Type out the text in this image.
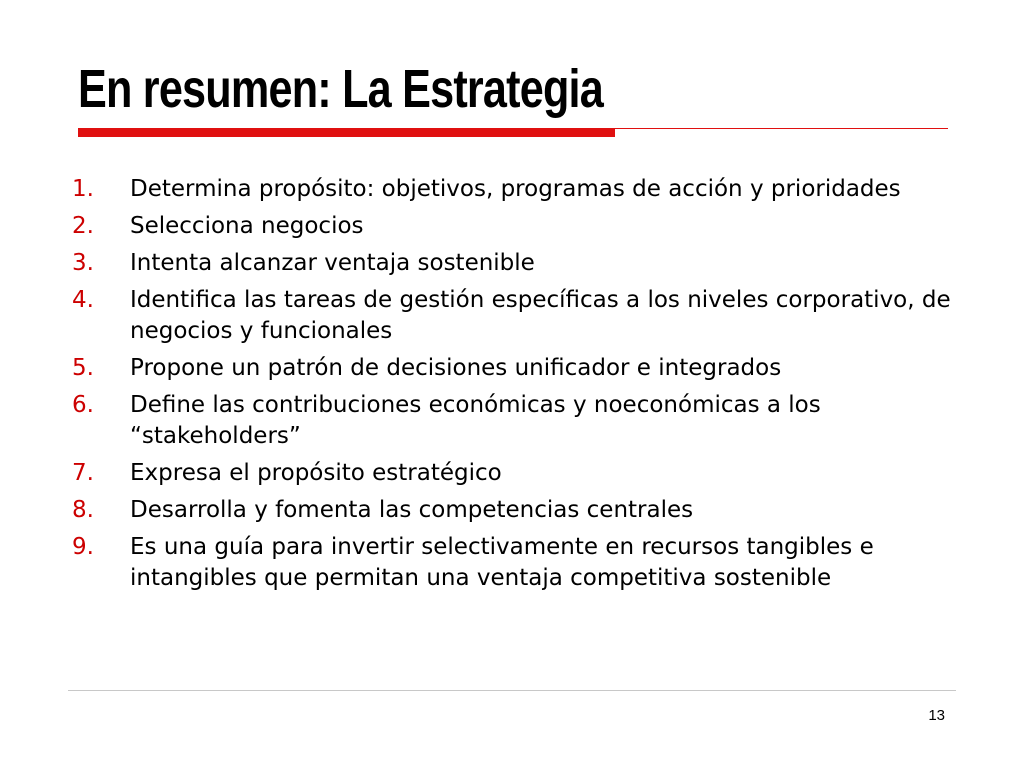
En resumen: La Estrategia
1.	Determina propósito: objetivos, programas de acción y prioridades
2.	Selecciona negocios
3.	Intenta alcanzar ventaja sostenible
4.	Identifica las tareas de gestión específicas a los niveles corporativo, de negocios y funcionales
5.	Propone un patrón de decisiones unificador e integrados
6.	Define las contribuciones económicas y noeconómicas a los “stakeholders”
7.	Expresa el propósito estratégico
8.	Desarrolla y fomenta las competencias centrales
9.	Es una guía para invertir selectivamente en recursos tangibles e intangibles que permitan una ventaja competitiva sostenible
13
